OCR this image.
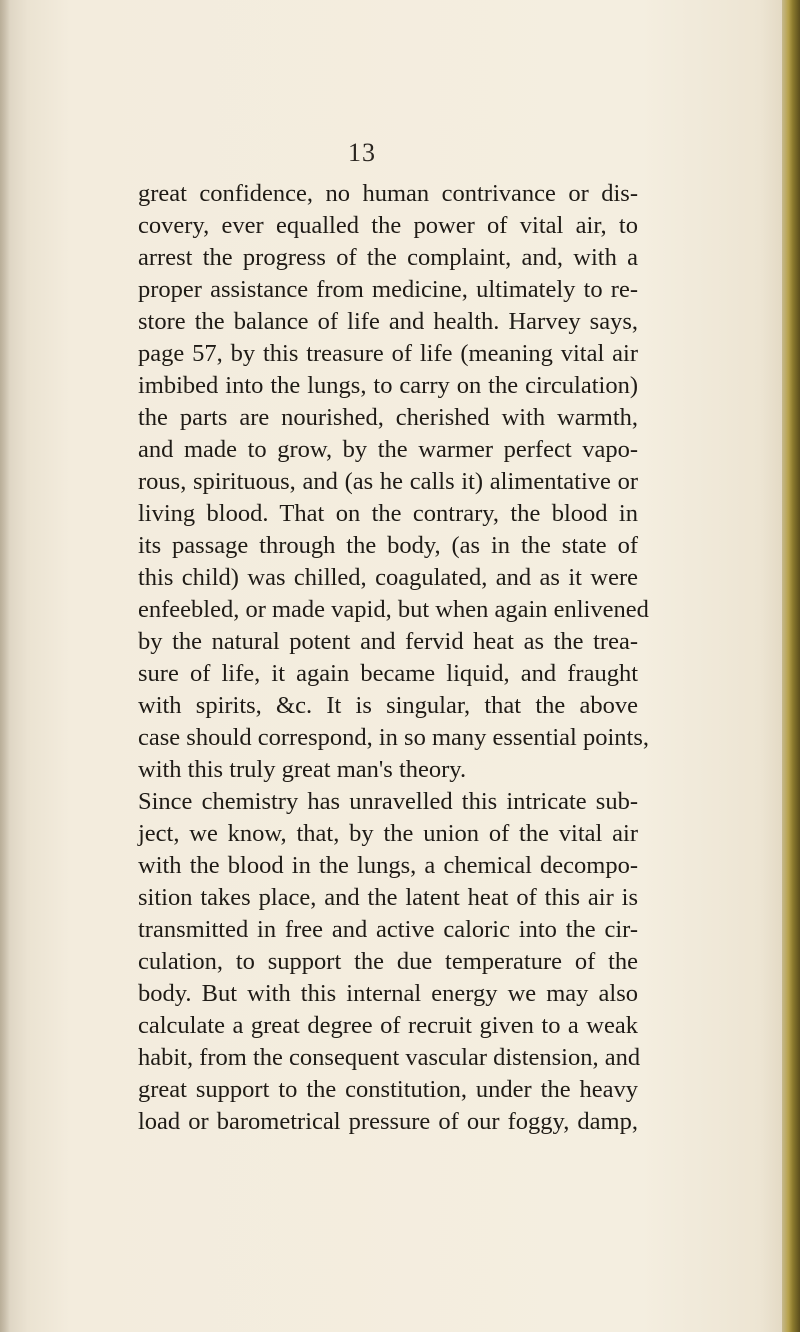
13
great confidence, no human contrivance or dis-
covery, ever equalled the power of vital air, to
arrest the progress of the complaint, and, with a
proper assistance from medicine, ultimately to re-
store the balance of life and health. Harvey says,
page 57, by this treasure of life (meaning vital air
imbibed into the lungs, to carry on the circulation)
the parts are nourished, cherished with warmth,
and made to grow, by the warmer perfect vapo-
rous, spirituous, and (as he calls it) alimentative or
living blood. That on the contrary, the blood in
its passage through the body, (as in the state of
this child) was chilled, coagulated, and as it were
enfeebled, or made vapid, but when again enlivened
by the natural potent and fervid heat as the trea-
sure of life, it again became liquid, and fraught
with spirits, &c. It is singular, that the above
case should correspond, in so many essential points,
with this truly great man's theory.
Since chemistry has unravelled this intricate sub-
ject, we know, that, by the union of the vital air
with the blood in the lungs, a chemical decompo-
sition takes place, and the latent heat of this air is
transmitted in free and active caloric into the cir-
culation, to support the due temperature of the
body. But with this internal energy we may also
calculate a great degree of recruit given to a weak
habit, from the consequent vascular distension, and
great support to the constitution, under the heavy
load or barometrical pressure of our foggy, damp,
